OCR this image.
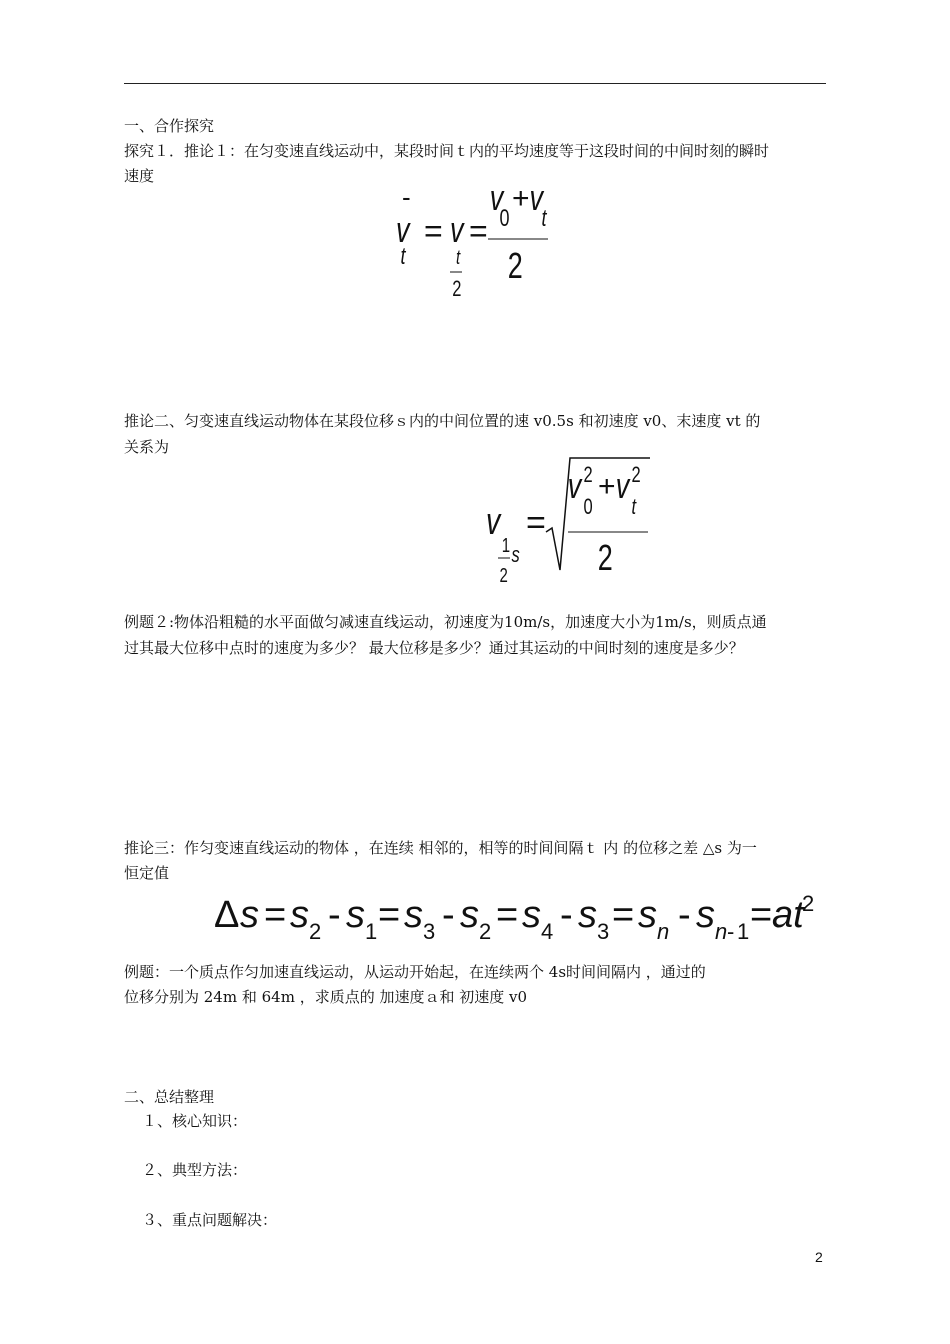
一、合作探究
探究１．推论１：在匀变速直线运动中，某段时间ｔ内的平均速度等于这段时间的中间时刻的瞬时
速度
-
v
t
= v
t
2
=
v
0
+ v
t
2
推论二、匀变速直线运动物体在某段位移ｓ内的中间位置的速 v0.5s 和初速度 v0、末速度 vt 的
关系为
v
1
2
s
=
v 2
0
+ v 2
t
2
例题２:物体沿粗糙的水平面做匀减速直线运动，初速度为10m/s，加速度大小为1m/s，则质点通
过其最大位移中点时的速度为多少？ 最大位移是多少？通过其运动的中间时刻的速度是多少？
推论三：作匀变速直线运动的物体 ，在连续 相邻的，相等的时间间隔ｔ 内 的位移之差 △s 为一
恒定值
Δ s = s 2 - s 1 = s 3 - s 2 = s 4 - s 3 = s n - s n - 1 = at
2
例题：一个质点作匀加速直线运动，从运动开始起，在连续两个 4s时间间隔内 ，通过的
位移分别为 24m 和 64m ，求质点的 加速度ａ和 初速度 v0
二、总结整理
１、核心知识：
２、典型方法：
３、重点问题解决：
2
